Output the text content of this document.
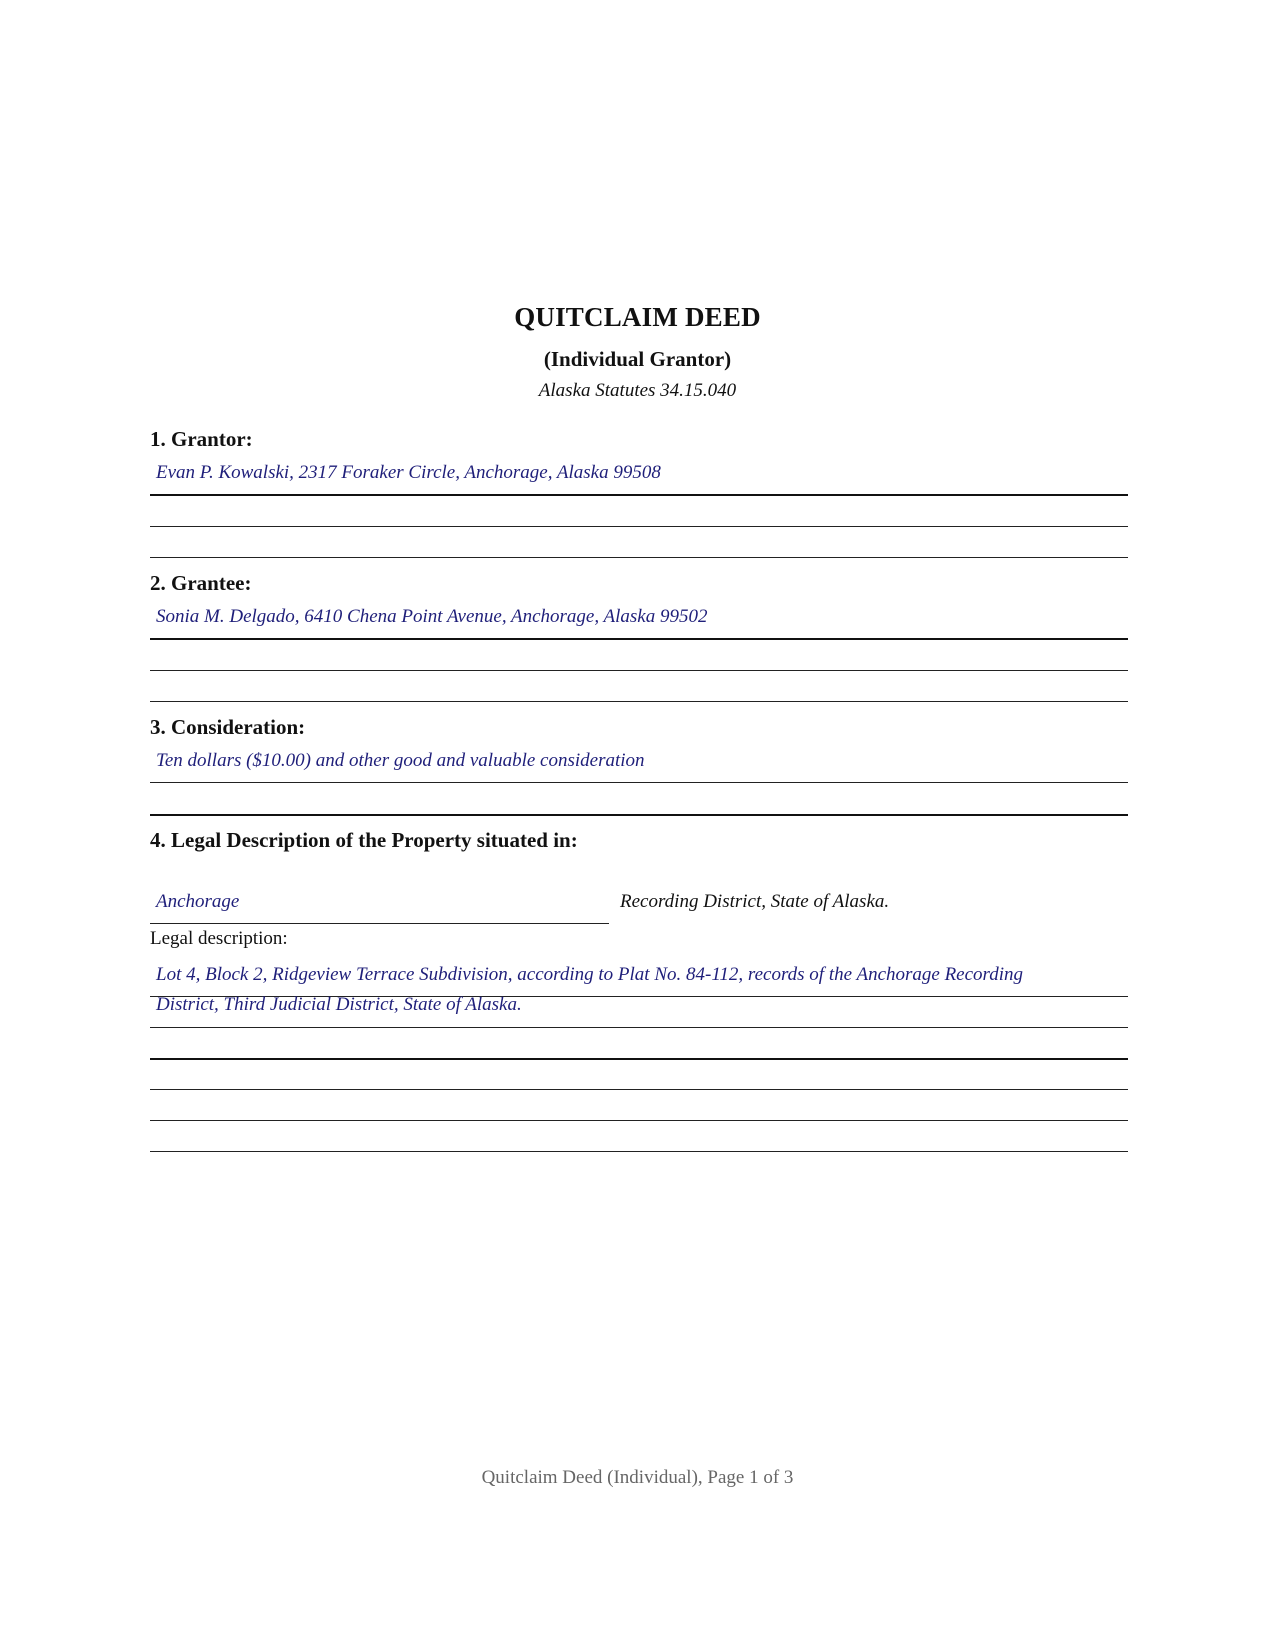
QUITCLAIM DEED
(Individual Grantor)
Alaska Statutes 34.15.040
1. Grantor:
Evan P. Kowalski, 2317 Foraker Circle, Anchorage, Alaska 99508
2. Grantee:
Sonia M. Delgado, 6410 Chena Point Avenue, Anchorage, Alaska 99502
3. Consideration:
Ten dollars ($10.00) and other good and valuable consideration
4. Legal Description of the Property situated in:
Anchorage	Recording District, State of Alaska.
Legal description:
Lot 4, Block 2, Ridgeview Terrace Subdivision, according to Plat No. 84-112, records of the Anchorage Recording
District, Third Judicial District, State of Alaska.
Quitclaim Deed (Individual), Page 1 of 3
